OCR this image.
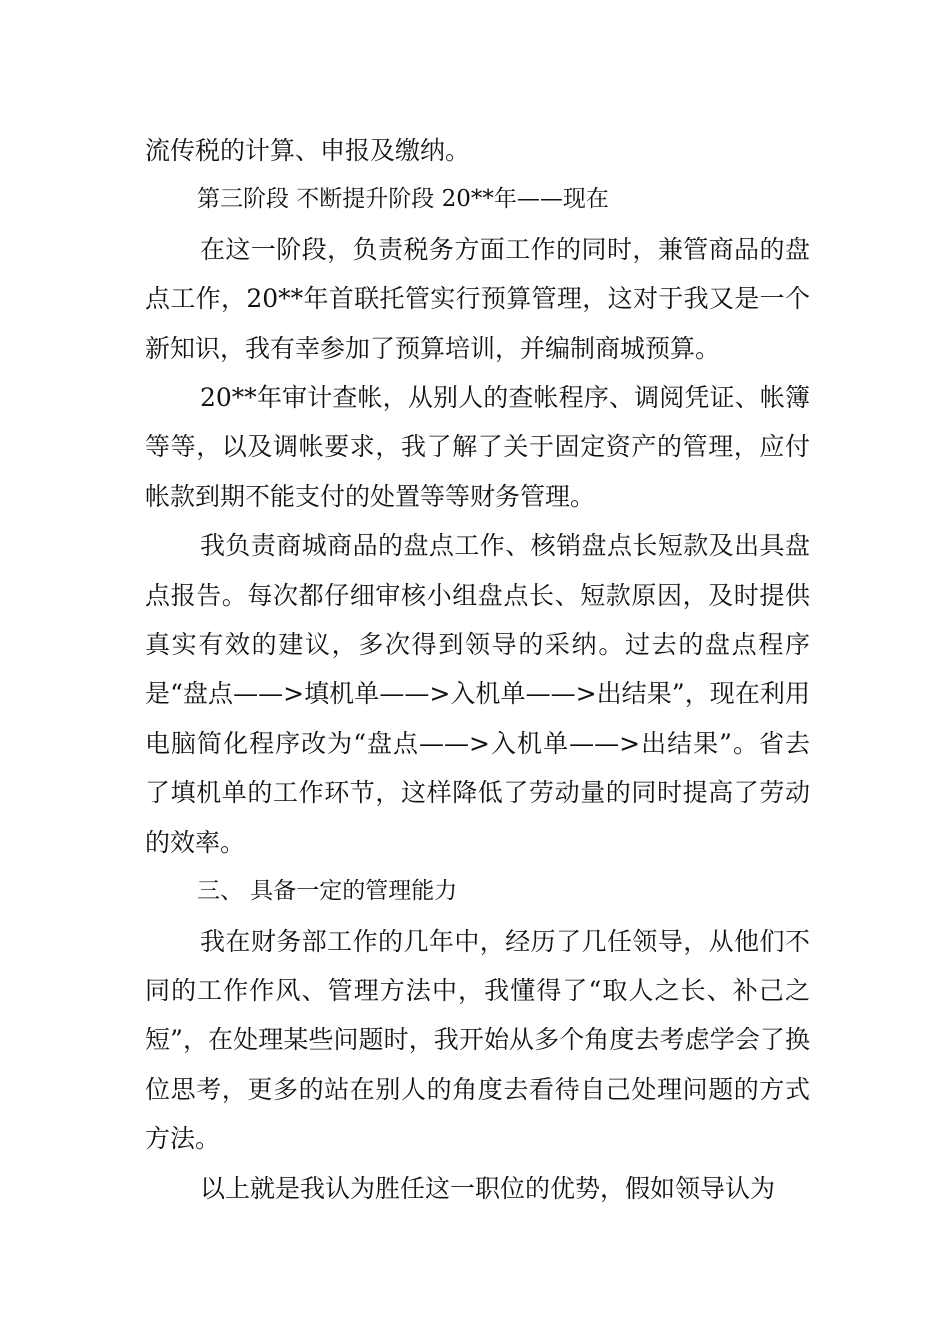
流传税的计算、申报及缴纳。

第三阶段 不断提升阶段 20**年——现在

在这一阶段，负责税务方面工作的同时，兼管商品的盘点工作，20**年首联托管实行预算管理，这对于我又是一个新知识，我有幸参加了预算培训，并编制商城预算。

20**年审计查帐，从别人的查帐程序、调阅凭证、帐簿等等，以及调帐要求，我了解了关于固定资产的管理，应付帐款到期不能支付的处置等等财务管理。

我负责商城商品的盘点工作、核销盘点长短款及出具盘点报告。每次都仔细审核小组盘点长、短款原因，及时提供真实有效的建议，多次得到领导的采纳。过去的盘点程序是“盘点——>填机单——>入机单——>出结果”，现在利用电脑简化程序改为“盘点——>入机单——>出结果”。省去了填机单的工作环节，这样降低了劳动量的同时提高了劳动的效率。

三、 具备一定的管理能力

我在财务部工作的几年中，经历了几任领导，从他们不同的工作作风、管理方法中，我懂得了“取人之长、补己之短”，在处理某些问题时，我开始从多个角度去考虑学会了换位思考，更多的站在别人的角度去看待自己处理问题的方式方法。

以上就是我认为胜任这一职位的优势，假如领导认为
